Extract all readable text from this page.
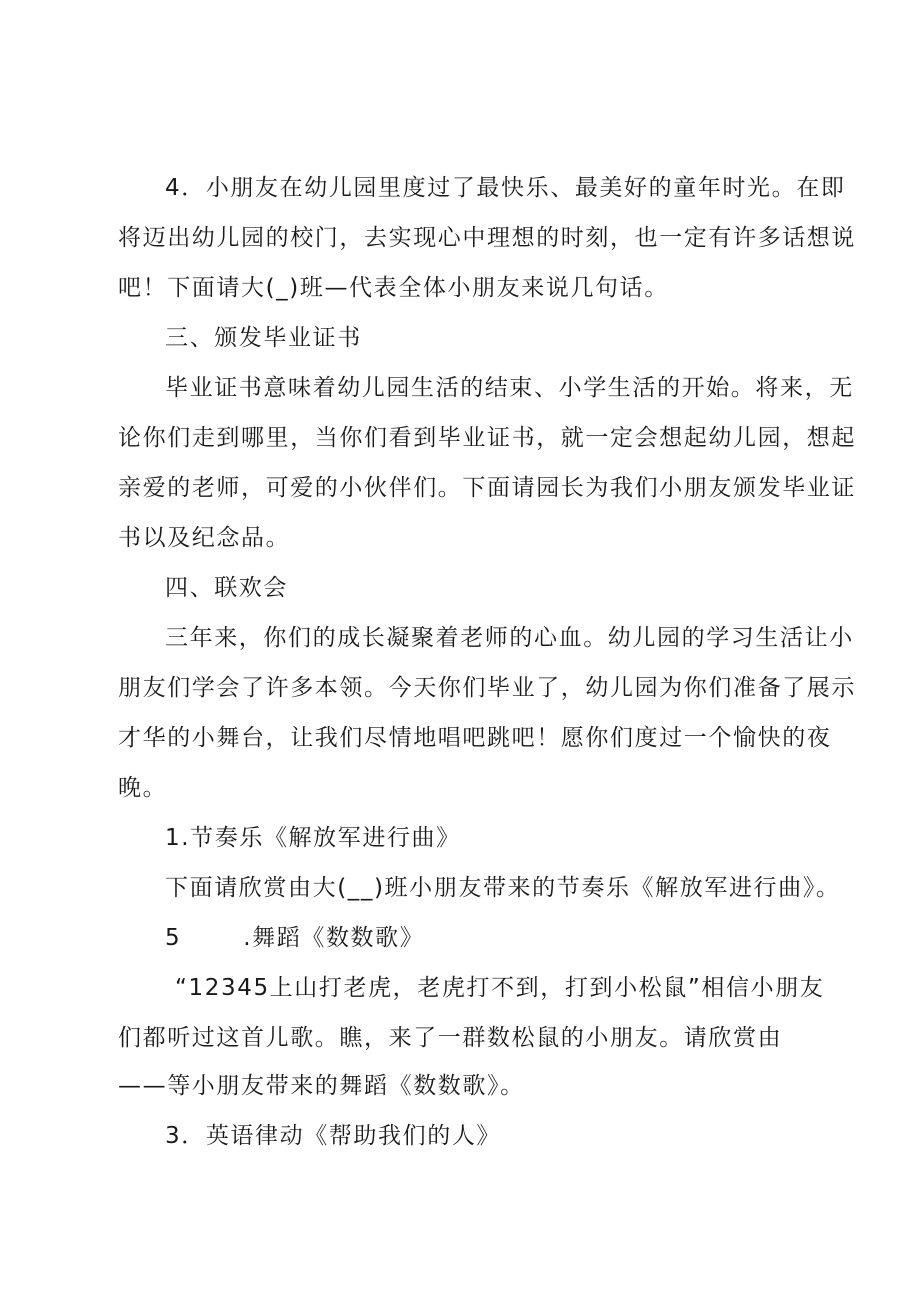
4．小朋友在幼儿园里度过了最快乐、最美好的童年时光。在即
将迈出幼儿园的校门，去实现心中理想的时刻，也一定有许多话想说
吧！下面请大(_)班—代表全体小朋友来说几句话。
三、颁发毕业证书
毕业证书意味着幼儿园生活的结束、小学生活的开始。将来，无
论你们走到哪里，当你们看到毕业证书，就一定会想起幼儿园，想起
亲爱的老师，可爱的小伙伴们。下面请园长为我们小朋友颁发毕业证
书以及纪念品。
四、联欢会
三年来，你们的成长凝聚着老师的心血。幼儿园的学习生活让小
朋友们学会了许多本领。今天你们毕业了，幼儿园为你们准备了展示
才华的小舞台，让我们尽情地唱吧跳吧！愿你们度过一个愉快的夜
晚。
1.节奏乐《解放军进行曲》
下面请欣赏由大(__)班小朋友带来的节奏乐《解放军进行曲》。
5	.舞蹈《数数歌》
“12345上山打老虎，老虎打不到，打到小松鼠”相信小朋友
们都听过这首儿歌。瞧，来了一群数松鼠的小朋友。请欣赏由
——等小朋友带来的舞蹈《数数歌》。
3．英语律动《帮助我们的人》
